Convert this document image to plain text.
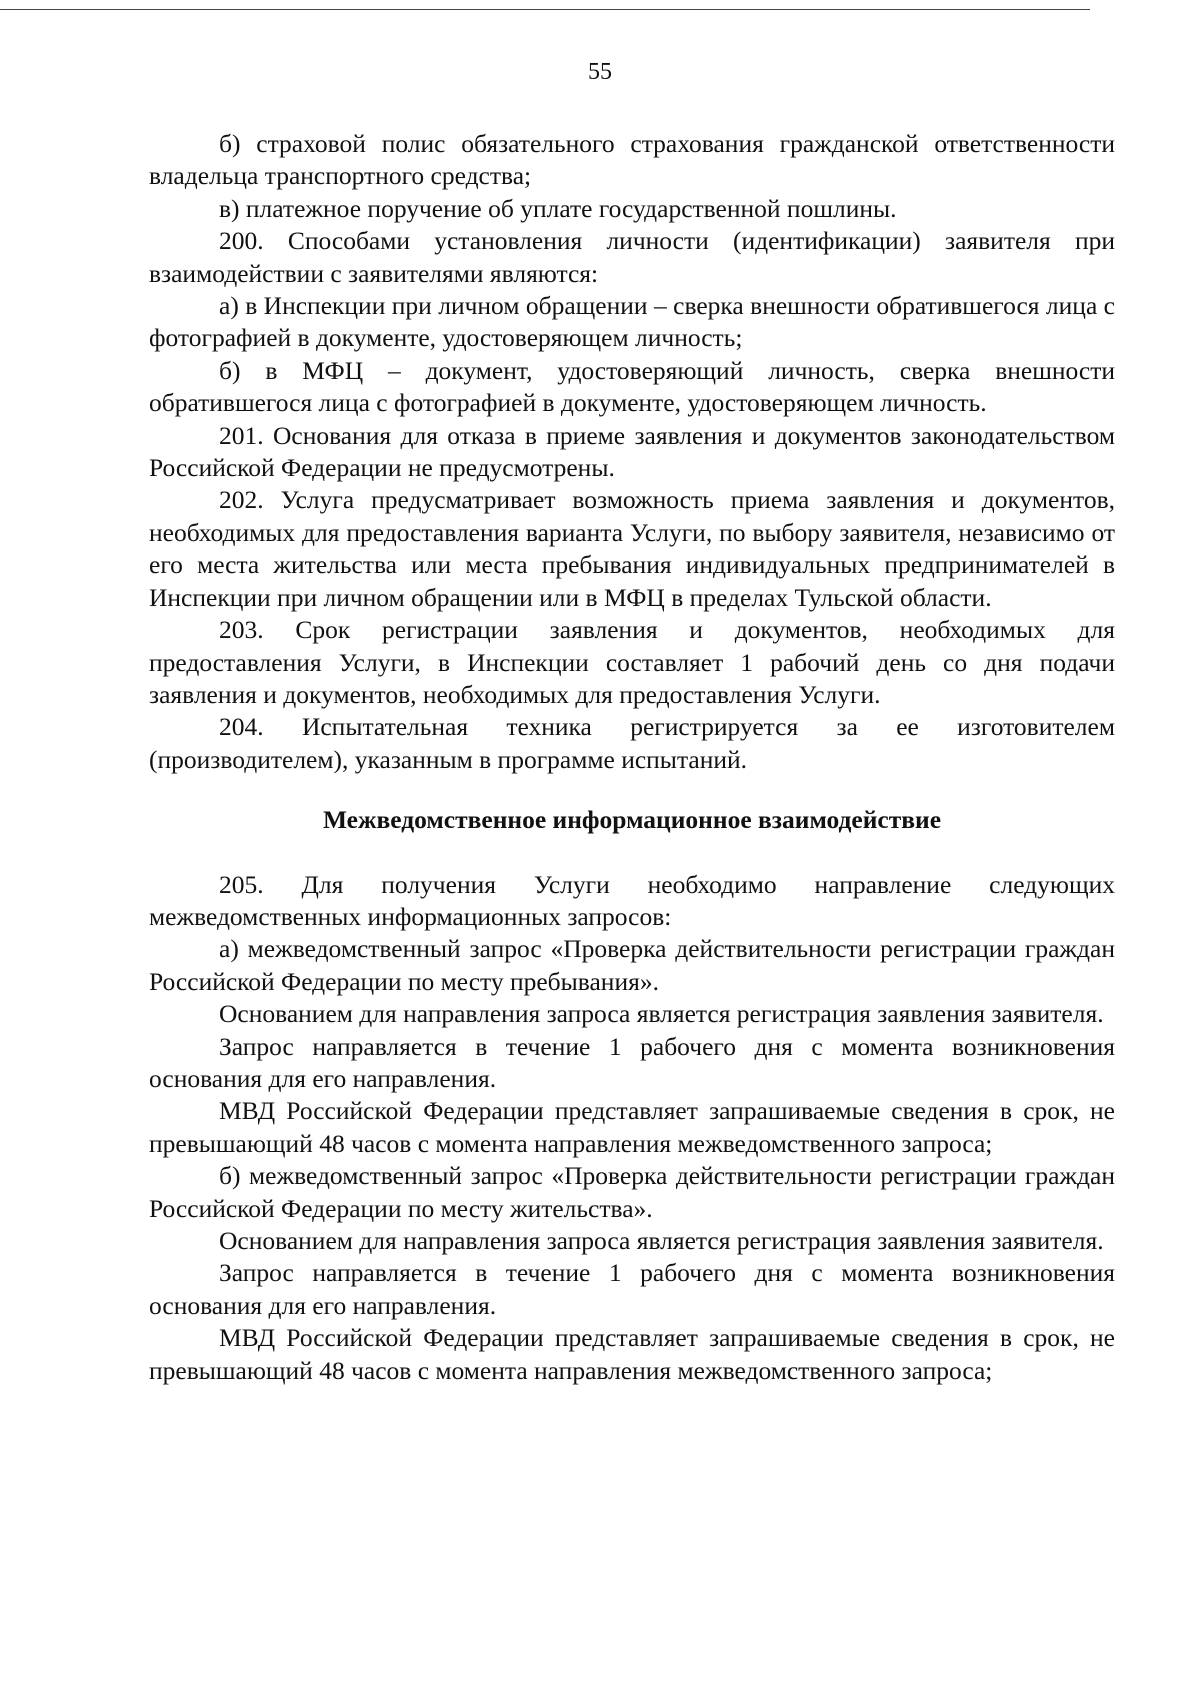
55

б) страховой полис обязательного страхования гражданской ответственности владельца транспортного средства;

в) платежное поручение об уплате государственной пошлины.

200. Способами установления личности (идентификации) заявителя при взаимодействии с заявителями являются:

а) в Инспекции при личном обращении – сверка внешности обратившегося лица с фотографией в документе, удостоверяющем личность;

б) в МФЦ – документ, удостоверяющий личность, сверка внешности обратившегося лица с фотографией в документе, удостоверяющем личность.

201. Основания для отказа в приеме заявления и документов законодательством Российской Федерации не предусмотрены.

202. Услуга предусматривает возможность приема заявления и документов, необходимых для предоставления варианта Услуги, по выбору заявителя, независимо от его места жительства или места пребывания индивидуальных предпринимателей в Инспекции при личном обращении или в МФЦ в пределах Тульской области.

203. Срок регистрации заявления и документов, необходимых для предоставления Услуги, в Инспекции составляет 1 рабочий день со дня подачи заявления и документов, необходимых для предоставления Услуги.

204. Испытательная техника регистрируется за ее изготовителем (производителем), указанным в программе испытаний.

Межведомственное информационное взаимодействие

205. Для получения Услуги необходимо направление следующих межведомственных информационных запросов:

а) межведомственный запрос «Проверка действительности регистрации граждан Российской Федерации по месту пребывания».

Основанием для направления запроса является регистрация заявления заявителя.

Запрос направляется в течение 1 рабочего дня с момента возникновения основания для его направления.

МВД Российской Федерации представляет запрашиваемые сведения в срок, не превышающий 48 часов с момента направления межведомственного запроса;

б) межведомственный запрос «Проверка действительности регистрации граждан Российской Федерации по месту жительства».

Основанием для направления запроса является регистрация заявления заявителя.

Запрос направляется в течение 1 рабочего дня с момента возникновения основания для его направления.

МВД Российской Федерации представляет запрашиваемые сведения в срок, не превышающий 48 часов с момента направления межведомственного запроса;
